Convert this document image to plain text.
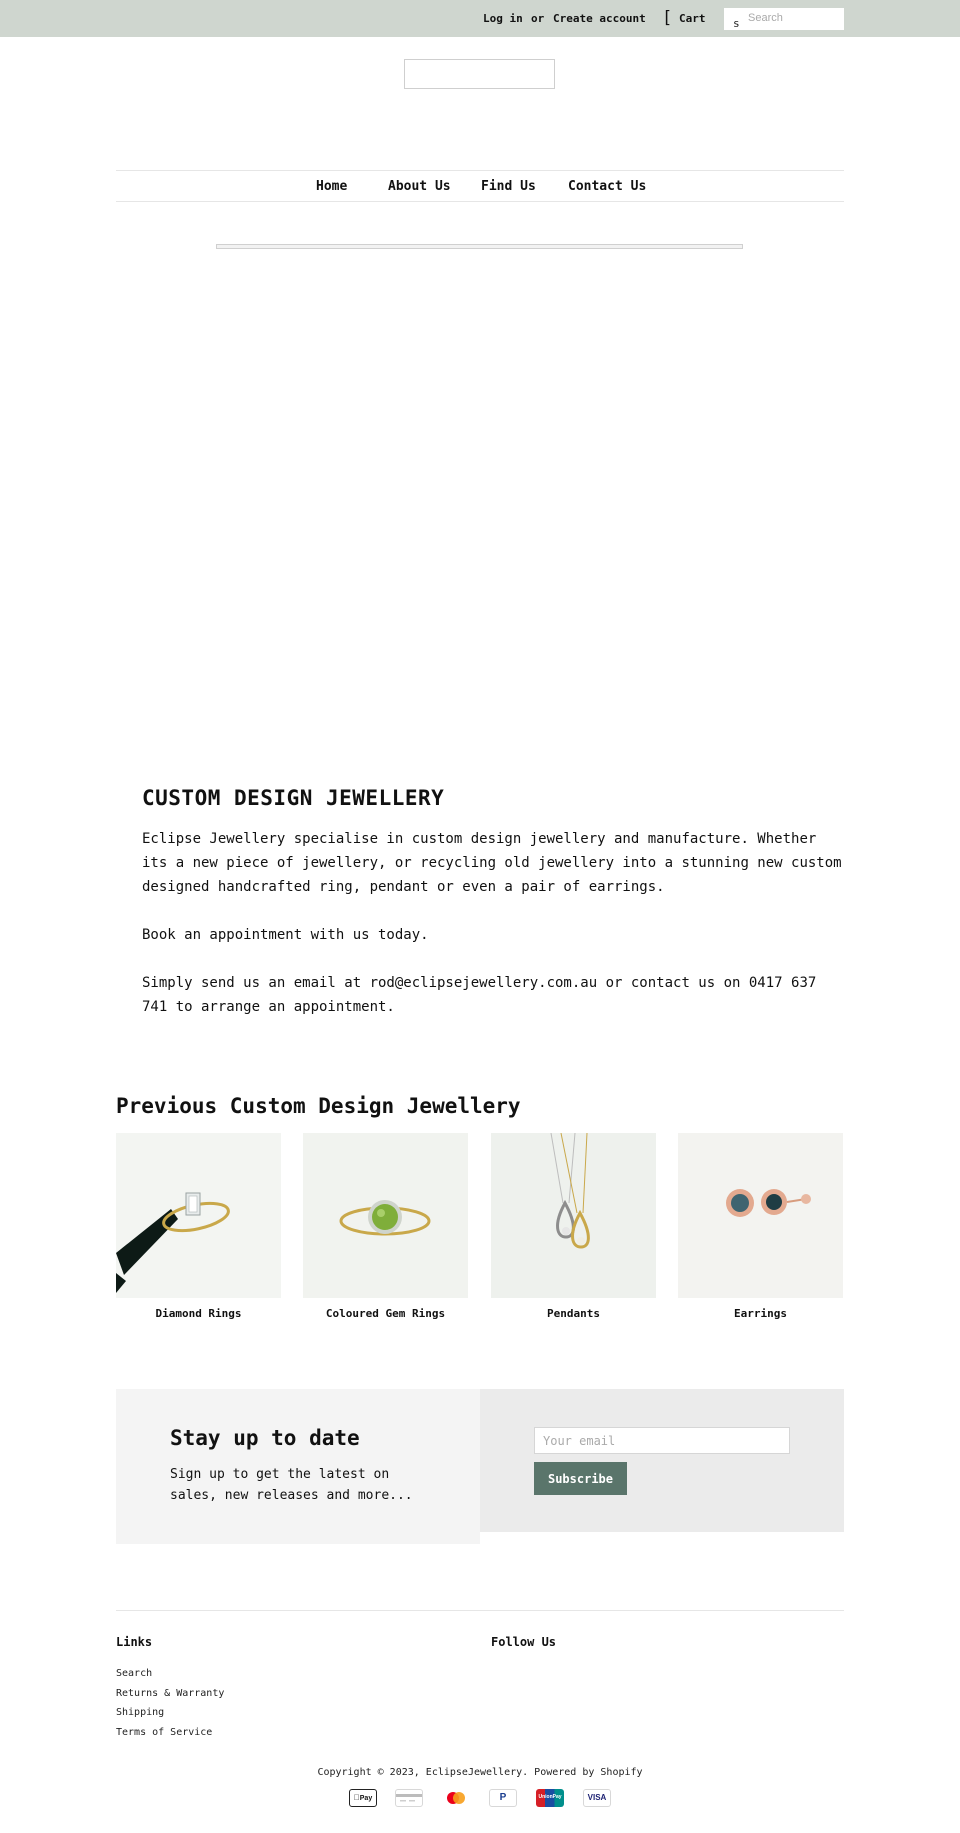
Log in or Create account [ Cart	s
Search
Home	About Us Find Us Contact Us
CUSTOM DESIGN JEWELLERY

Eclipse Jewellery specialise in custom design jewellery and manufacture. Whether its a new piece of jewellery, or recycling old jewellery into a stunning new custom designed handcrafted ring, pendant or even a pair of earrings.

Book an appointment with us today.

Simply send us an email at rod@eclipsejewellery.com.au or contact us on 0417 637 741 to arrange an appointment.

Previous Custom Design Jewellery
Diamond Rings	Coloured Gem Rings	Pendants	Earrings
Stay up to date

Sign up to get the latest on sales, new releases and more...

Your email
Subscribe
Links	Follow Us
Search
Returns & Warranty
Shipping
Terms of Service

Copyright © 2023, EclipseJewellery. Powered by Shopify

Pay	P	UnionPay	VISA
